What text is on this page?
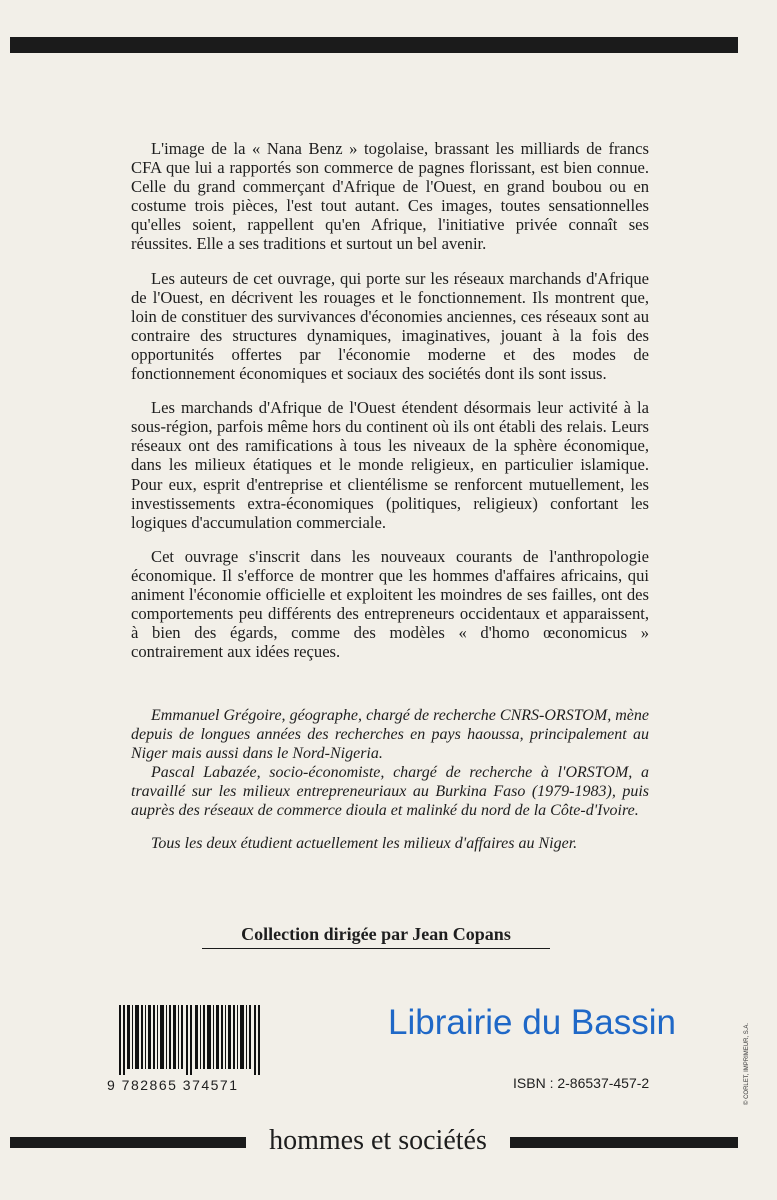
L'image de la « Nana Benz » togolaise, brassant les milliards de francs CFA que lui a rapportés son commerce de pagnes florissant, est bien connue. Celle du grand commerçant d'Afrique de l'Ouest, en grand boubou ou en costume trois pièces, l'est tout autant. Ces images, toutes sensationnelles qu'elles soient, rappellent qu'en Afrique, l'initiative privée connaît ses réussites. Elle a ses traditions et surtout un bel avenir.

Les auteurs de cet ouvrage, qui porte sur les réseaux marchands d'Afrique de l'Ouest, en décrivent les rouages et le fonctionnement. Ils montrent que, loin de constituer des survivances d'économies anciennes, ces réseaux sont au contraire des structures dynamiques, imaginatives, jouant à la fois des opportunités offertes par l'économie moderne et des modes de fonctionnement économiques et sociaux des sociétés dont ils sont issus.

Les marchands d'Afrique de l'Ouest étendent désormais leur activité à la sous-région, parfois même hors du continent où ils ont établi des relais. Leurs réseaux ont des ramifications à tous les niveaux de la sphère économique, dans les milieux étatiques et le monde religieux, en particulier islamique. Pour eux, esprit d'entreprise et clientélisme se renforcent mutuellement, les investissements extra-économiques (politiques, religieux) confortant les logiques d'accumulation commerciale.

Cet ouvrage s'inscrit dans les nouveaux courants de l'anthropologie économique. Il s'efforce de montrer que les hommes d'affaires africains, qui animent l'économie officielle et exploitent les moindres de ses failles, ont des comportements peu différents des entrepreneurs occidentaux et apparaissent, à bien des égards, comme des modèles « d'homo œconomicus » contrairement aux idées reçues.

Emmanuel Grégoire, géographe, chargé de recherche CNRS-ORSTOM, mène depuis de longues années des recherches en pays haoussa, principalement au Niger mais aussi dans le Nord-Nigeria.

Pascal Labazée, socio-économiste, chargé de recherche à l'ORSTOM, a travaillé sur les milieux entrepreneuriaux au Burkina Faso (1979-1983), puis auprès des réseaux de commerce dioula et malinké du nord de la Côte-d'Ivoire.

Tous les deux étudient actuellement les milieux d'affaires au Niger.

Collection dirigée par Jean Copans
9 782865 374571
Librairie du Bassin
ISBN : 2-86537-457-2	© CORLET, IMPRIMEUR, S.A.
hommes et sociétés
